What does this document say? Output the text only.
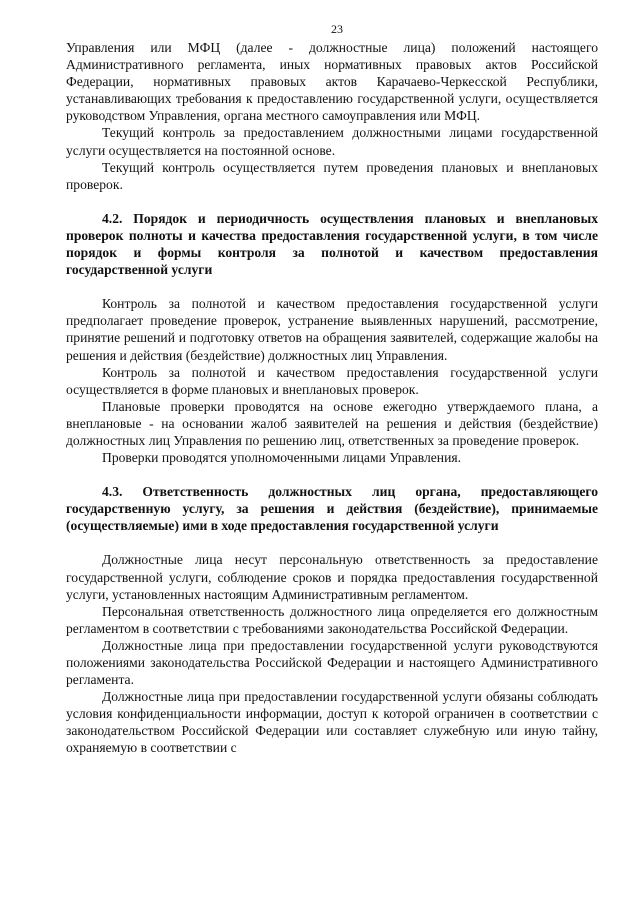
23

Управления или МФЦ (далее - должностные лица) положений настоящего Административного регламента, иных нормативных правовых актов Российской Федерации, нормативных правовых актов Карачаево-Черкесской Республики, устанавливающих требования к предоставлению государственной услуги, осуществляется руководством Управления, органа местного самоуправления или МФЦ.

Текущий контроль за предоставлением должностными лицами государственной услуги осуществляется на постоянной основе.

Текущий контроль осуществляется путем проведения плановых и внеплановых проверок.

4.2. Порядок и периодичность осуществления плановых и внеплановых проверок полноты и качества предоставления государственной услуги, в том числе порядок и формы контроля за полнотой и качеством предоставления государственной услуги

Контроль за полнотой и качеством предоставления государственной услуги предполагает проведение проверок, устранение выявленных нарушений, рассмотрение, принятие решений и подготовку ответов на обращения заявителей, содержащие жалобы на решения и действия (бездействие) должностных лиц Управления.

Контроль за полнотой и качеством предоставления государственной услуги осуществляется в форме плановых и внеплановых проверок.

Плановые проверки проводятся на основе ежегодно утверждаемого плана, а внеплановые - на основании жалоб заявителей на решения и действия (бездействие) должностных лиц Управления по решению лиц, ответственных за проведение проверок.

Проверки проводятся уполномоченными лицами Управления.

4.3. Ответственность должностных лиц органа, предоставляющего государственную услугу, за решения и действия (бездействие), принимаемые (осуществляемые) ими в ходе предоставления государственной услуги

Должностные лица несут персональную ответственность за предоставление государственной услуги, соблюдение сроков и порядка предоставления государственной услуги, установленных настоящим Административным регламентом.

Персональная ответственность должностного лица определяется его должностным регламентом в соответствии с требованиями законодательства Российской Федерации.

Должностные лица при предоставлении государственной услуги руководствуются положениями законодательства Российской Федерации и настоящего Административного регламента.

Должностные лица при предоставлении государственной услуги обязаны соблюдать условия конфиденциальности информации, доступ к которой ограничен в соответствии с законодательством Российской Федерации или составляет служебную или иную тайну, охраняемую в соответствии с
